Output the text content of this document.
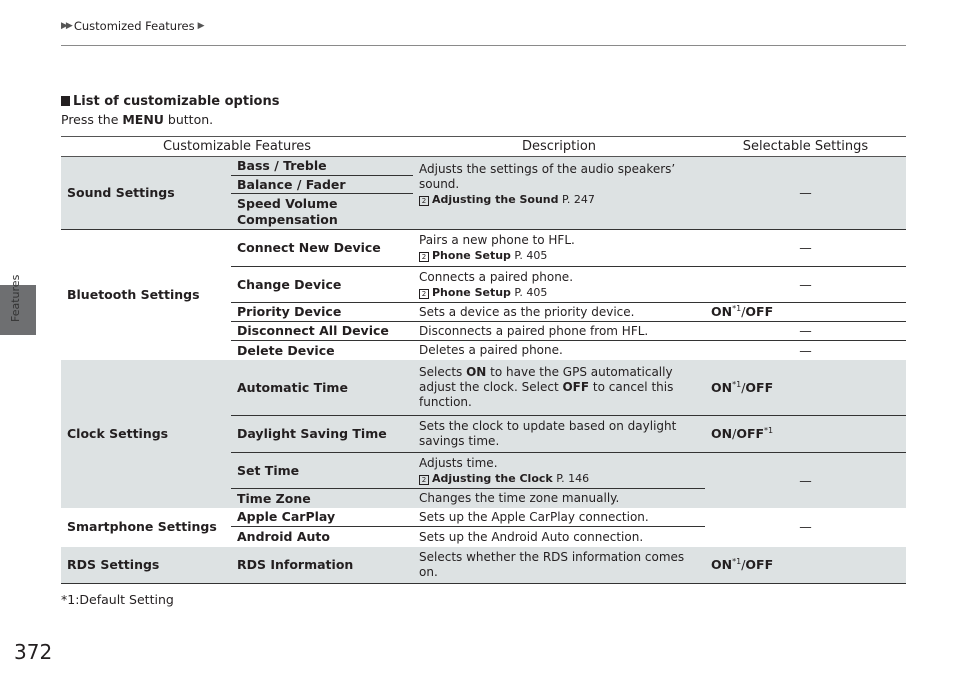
▶▶ Customized Features ▶
Features
List of customizable options
Press the MENU button.
Customizable Features		Description	Selectable Settings
Sound Settings	Bass / Treble	Adjusts the settings of the audio speakers’ sound.
2 Adjusting the Sound P. 247	—
	Balance / Fader		
	Speed Volume Compensation		
Bluetooth Settings	Connect New Device	Pairs a new phone to HFL.
2 Phone Setup P. 405	—
	Change Device	Connects a paired phone.
2 Phone Setup P. 405	—
	Priority Device	Sets a device as the priority device.	ON$^{*1}$/OFF
	Disconnect All Device	Disconnects a paired phone from HFL.	—
	Delete Device	Deletes a paired phone.	—
Clock Settings	Automatic Time	Selects ON to have the GPS automatically adjust the clock. Select OFF to cancel this function.	ON$^{*1}$/OFF
	Daylight Saving Time	Sets the clock to update based on daylight savings time.	ON/OFF$^{*1}$
	Set Time	Adjusts time.
2 Adjusting the Clock P. 146	—
	Time Zone	Changes the time zone manually.	
Smartphone Settings	Apple CarPlay	Sets up the Apple CarPlay connection.	—
	Android Auto	Sets up the Android Auto connection.	
RDS Settings	RDS Information	Selects whether the RDS information comes on.	ON$^{*1}$/OFF
*1:Default Setting
372
